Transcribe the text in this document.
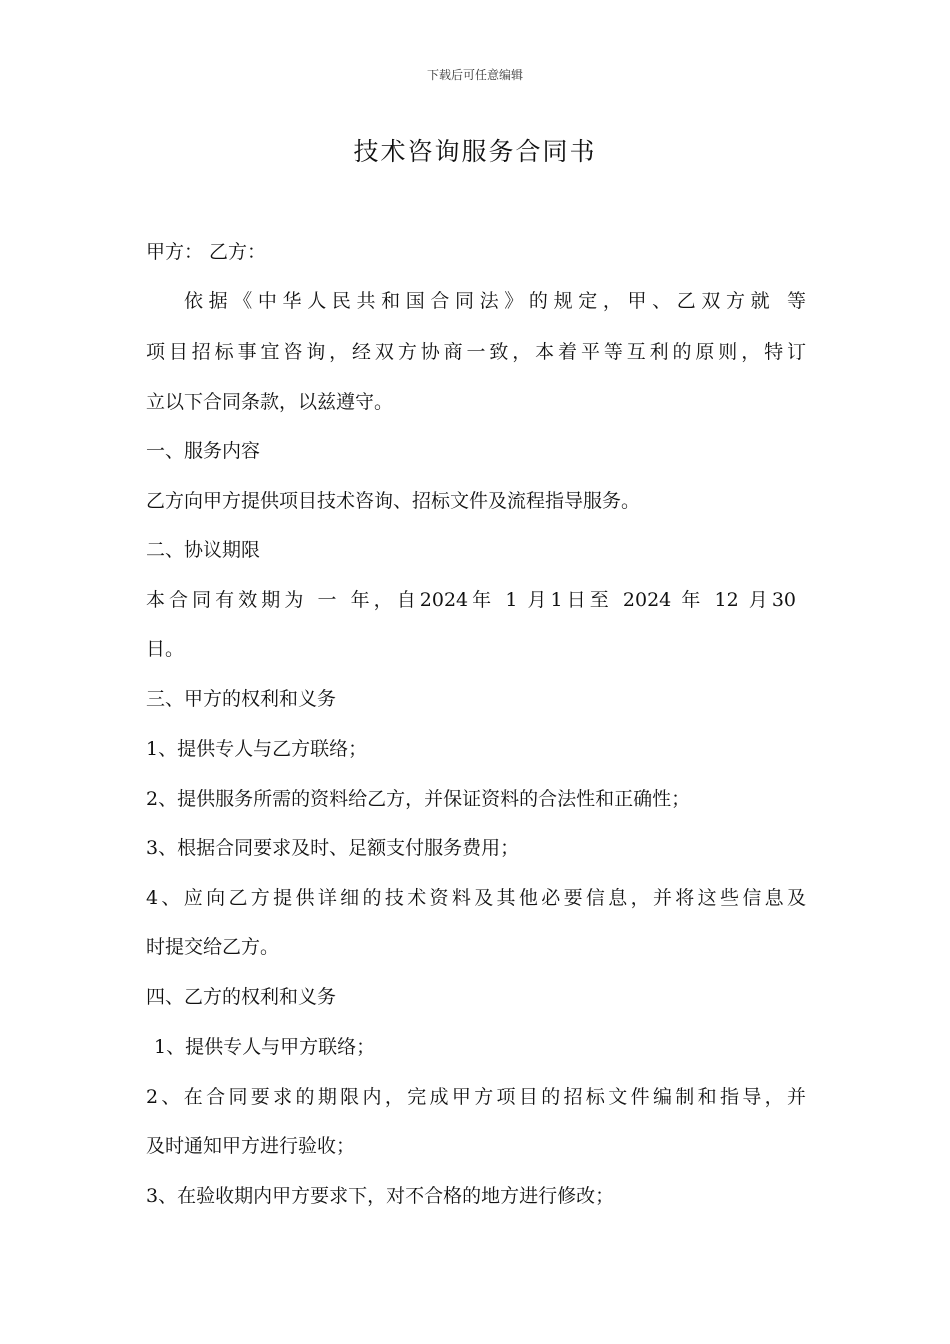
下载后可任意编辑
技术咨询服务合同书
甲方： 乙方：
依据《中华人民共和国合同法》的规定，甲、乙双方就 等
项目招标事宜咨询，经双方协商一致，本着平等互利的原则，特订
立以下合同条款，以兹遵守。
一、服务内容
乙方向甲方提供项目技术咨询、招标文件及流程指导服务。
二、协议期限
本合同有效期为 一 年，自2024年 1 月1日至 2024 年 12 月30
日。
三、甲方的权利和义务
1、提供专人与乙方联络；
2、提供服务所需的资料给乙方，并保证资料的合法性和正确性；
3、根据合同要求及时、足额支付服务费用；
4、应向乙方提供详细的技术资料及其他必要信息，并将这些信息及
时提交给乙方。
四、乙方的权利和义务
1、提供专人与甲方联络；
2、在合同要求的期限内，完成甲方项目的招标文件编制和指导，并
及时通知甲方进行验收；
3、在验收期内甲方要求下，对不合格的地方进行修改；
